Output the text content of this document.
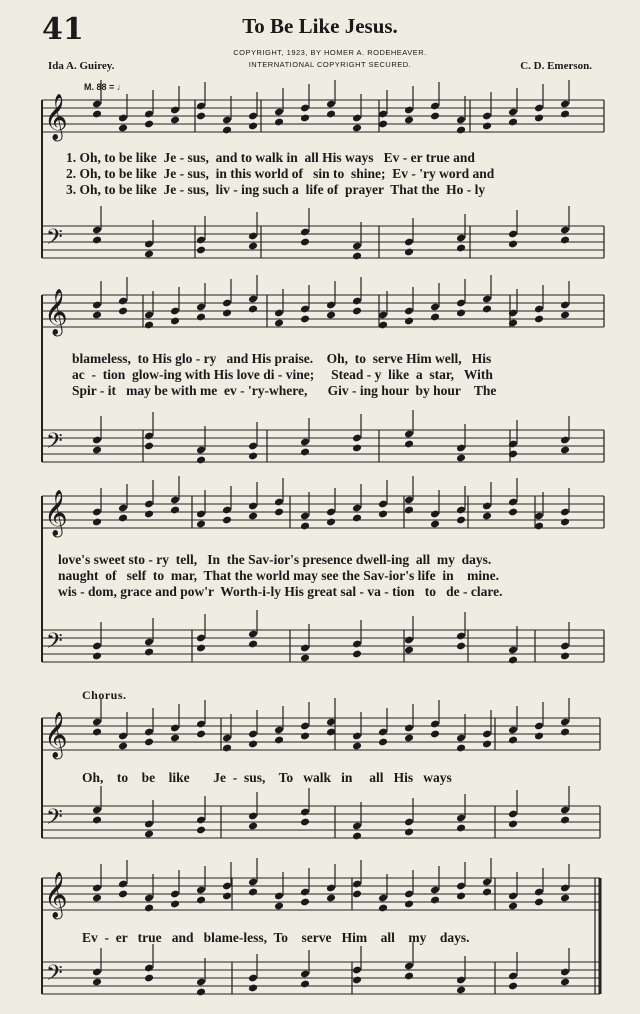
41	To Be Like Jesus.
COPYRIGHT, 1923, BY HOMER A. RODEHEAVER.
INTERNATIONAL COPYRIGHT SECURED.
Ida A. Guirey.	C. D. Emerson.
M. 88 = ♩
𝄞
𝄢
𝄞
𝄢
𝄞
𝄢
𝄞
𝄢
𝄞
𝄢
1. Oh, to be like  Je - sus,  and to walk in  all His ways   Ev - er true and
2. Oh, to be like  Je - sus,  in this world of   sin to  shine;  Ev - 'ry word and
3. Oh, to be like  Je - sus,  liv - ing such a  life of  prayer  That the  Ho - ly
blameless,  to His glo - ry   and His praise.    Oh,  to  serve Him well,   His
ac  -  tion  glow-ing with His love di - vine;     Stead - y  like  a  star,   With
Spir - it   may be with me  ev - 'ry-where,      Giv - ing hour  by hour    The
love's sweet sto - ry  tell,   In  the Sav-ior's presence dwell-ing  all  my  days.
naught  of   self  to  mar,  That the world may see the Sav-ior's life  in    mine.
wis - dom, grace and pow'r  Worth-i-ly His great sal - va - tion   to   de - clare.
Chorus.
Oh,    to    be    like       Je  -  sus,    To   walk   in     all   His   ways
Ev  -  er   true   and   blame-less,  To    serve   Him    all    my    days.
